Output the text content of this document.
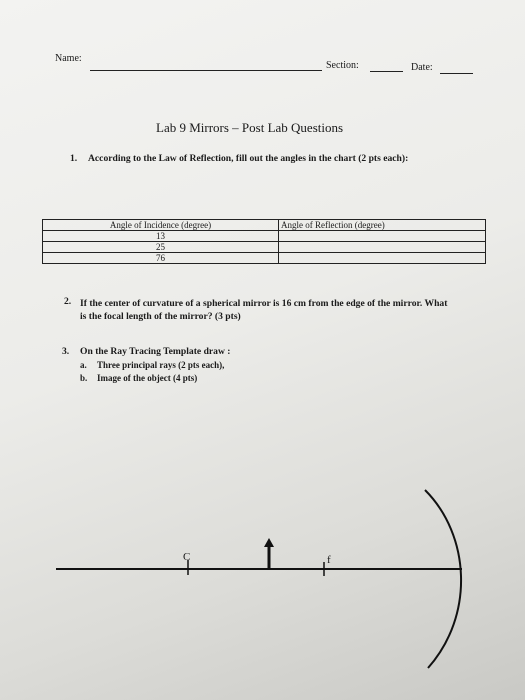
Name:
Section:	Date:
Lab 9 Mirrors – Post Lab Questions
1. According to the Law of Reflection, fill out the angles in the chart (2 pts each):
Angle of Incidence (degree)	Angle of Reflection (degree)
13	
25	
76	
2. If the center of curvature of a spherical mirror is 16 cm from the edge of the mirror. What
is the focal length of the mirror? (3 pts)
3. On the Ray Tracing Template draw :
a. Three principal rays (2 pts each),
b. Image of the object (4 pts)
C	f
